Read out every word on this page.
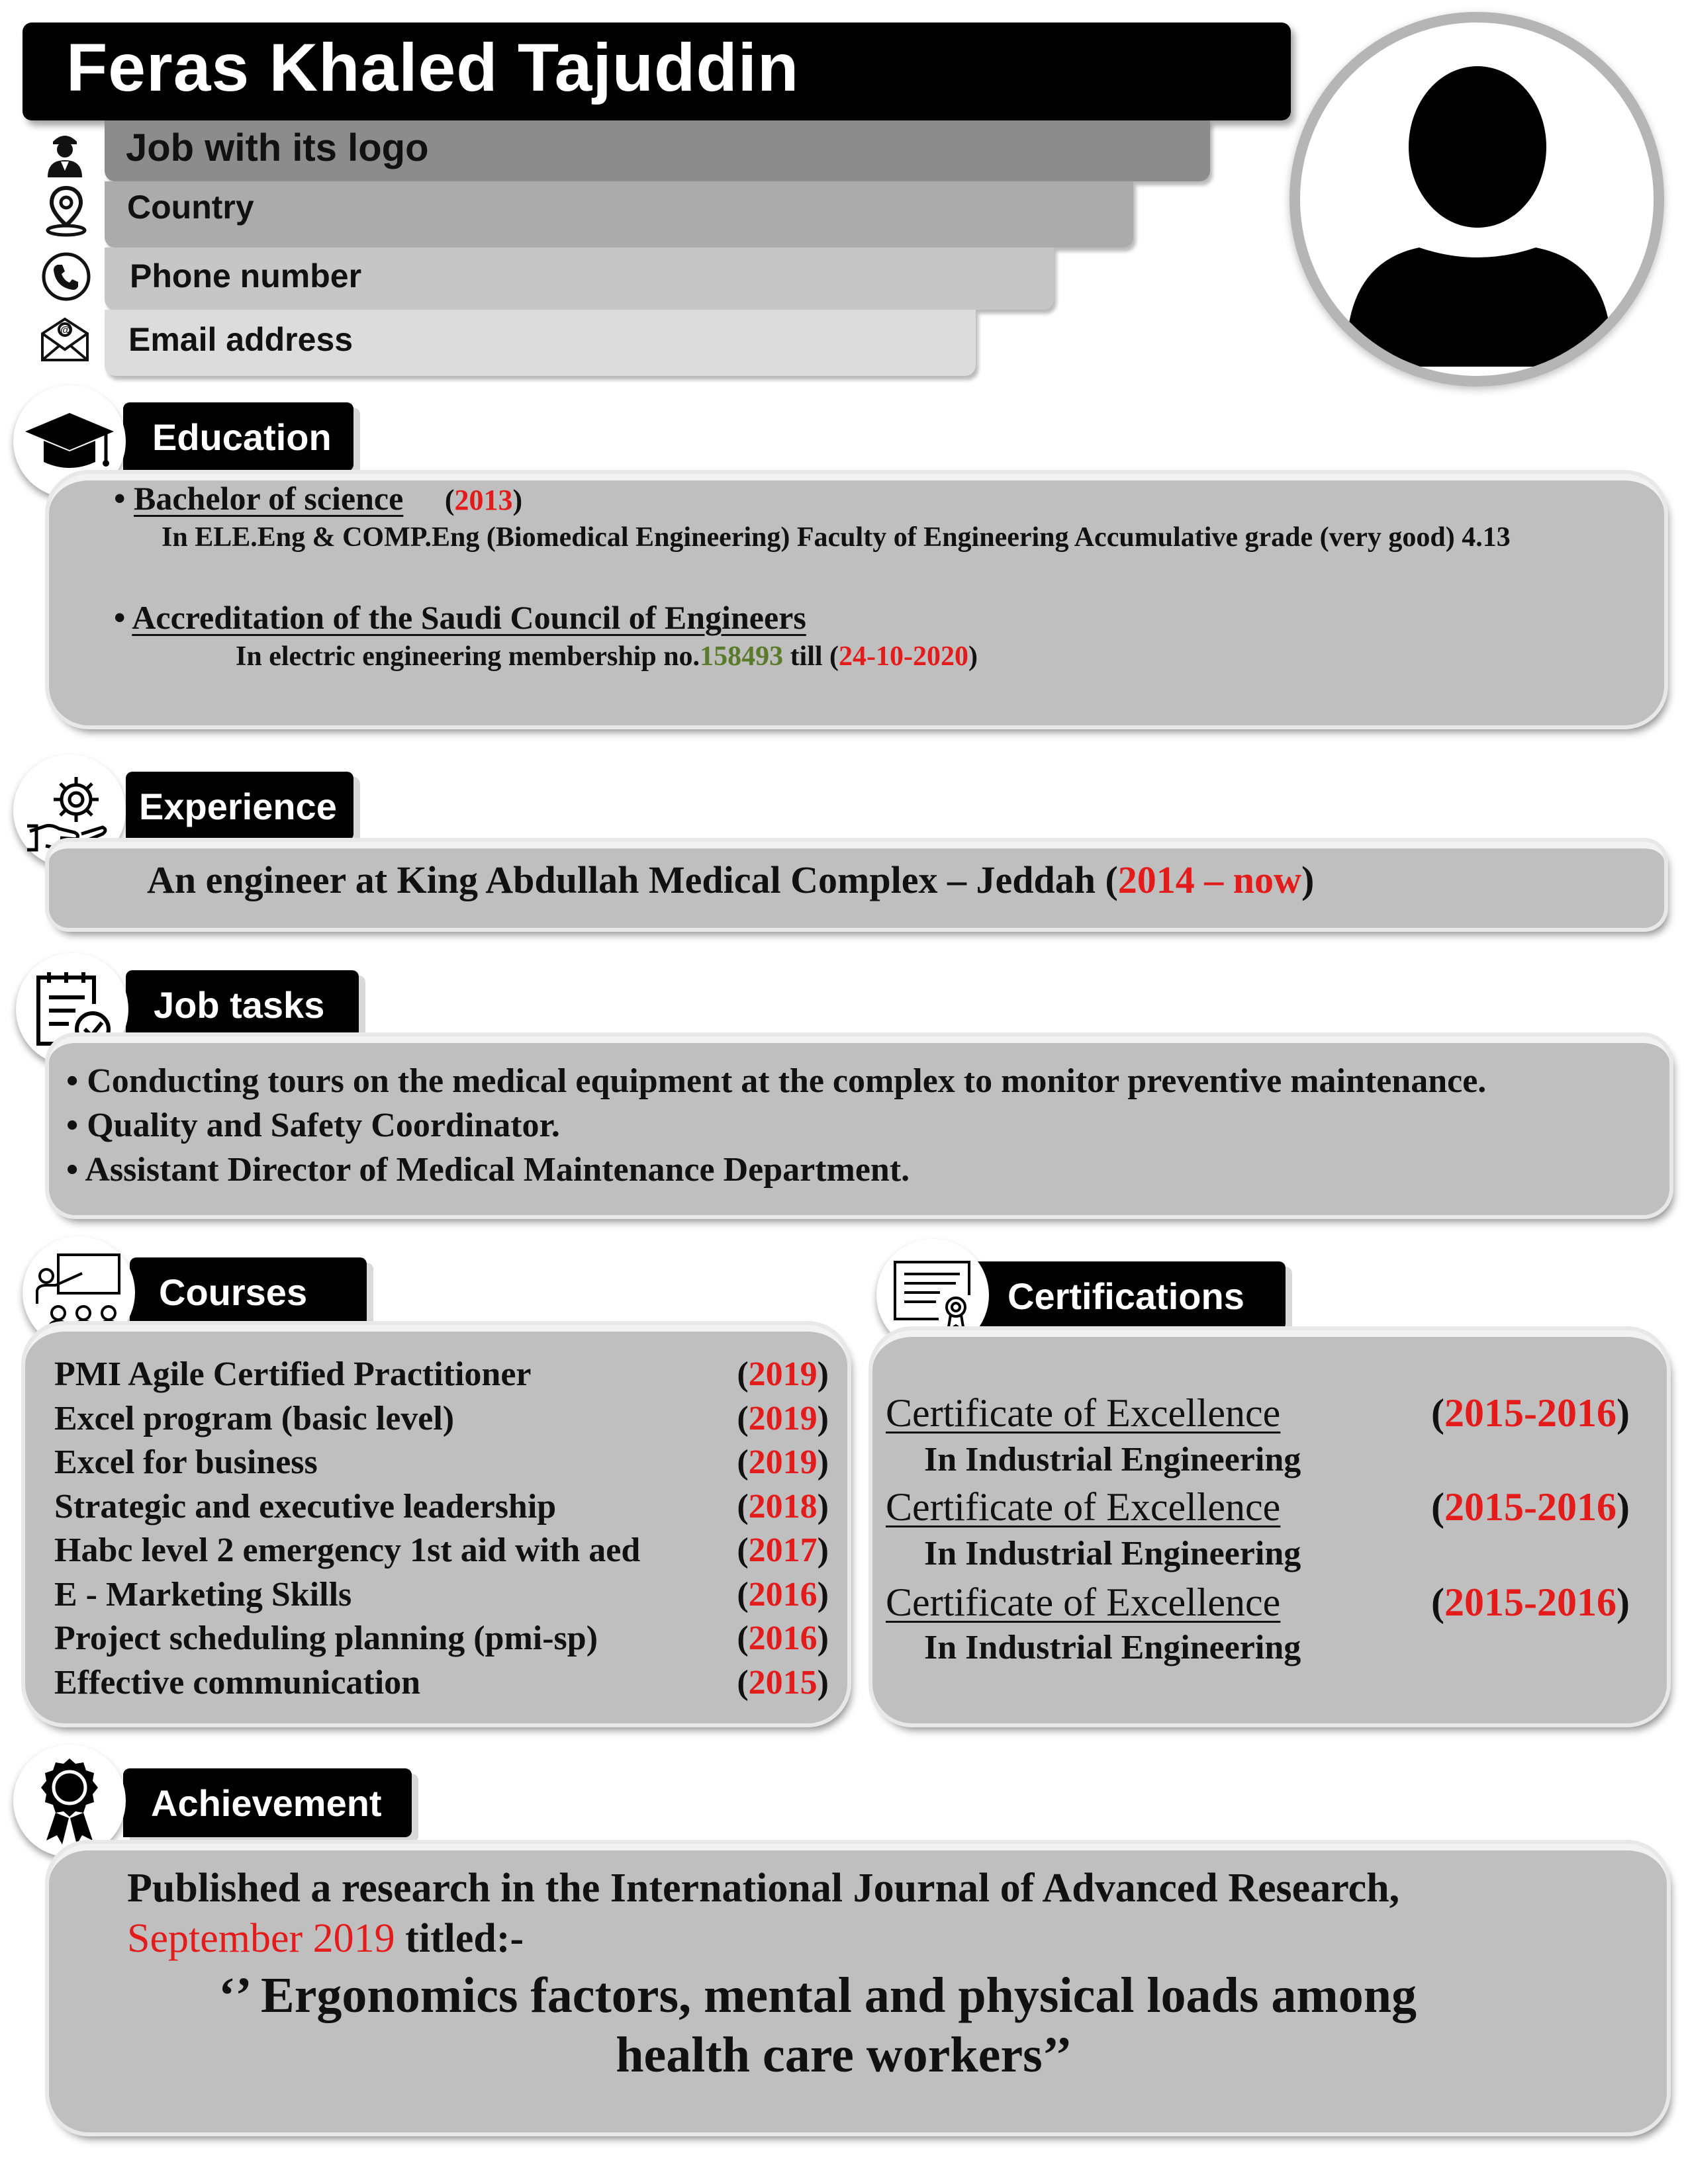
Feras Khaled Tajuddin
Job with its logo
Country
Phone number
Email address
@
Education
• Bachelor of science (2013)
In ELE.Eng & COMP.Eng (Biomedical Engineering) Faculty of Engineering Accumulative grade (very good) 4.13
• Accreditation of the Saudi Council of Engineers
In electric engineering membership no.158493 till (24-10-2020)
Experience
An engineer at King Abdullah Medical Complex – Jeddah (2014 – now)
Job tasks
• Conducting tours on the medical equipment at the complex to monitor preventive maintenance.
• Quality and Safety Coordinator.
• Assistant Director of Medical Maintenance Department.
Courses
PMI Agile Certified Practitioner	(2019)
Excel program (basic level)	(2019)
Excel for business	(2019)
Strategic and executive leadership	(2018)
Habc level 2 emergency 1st aid with aed	(2017)
E - Marketing Skills	(2016)
Project scheduling planning (pmi-sp)	(2016)
Effective communication	(2015)
Certifications
Certificate of Excellence	(2015-2016)
In Industrial Engineering
Certificate of Excellence	(2015-2016)
In Industrial Engineering
Certificate of Excellence	(2015-2016)
In Industrial Engineering
Achievement
Published a research in the International Journal of Advanced Research,
September 2019 titled:-
‘’ Ergonomics factors, mental and physical loads among
health care workers’’
